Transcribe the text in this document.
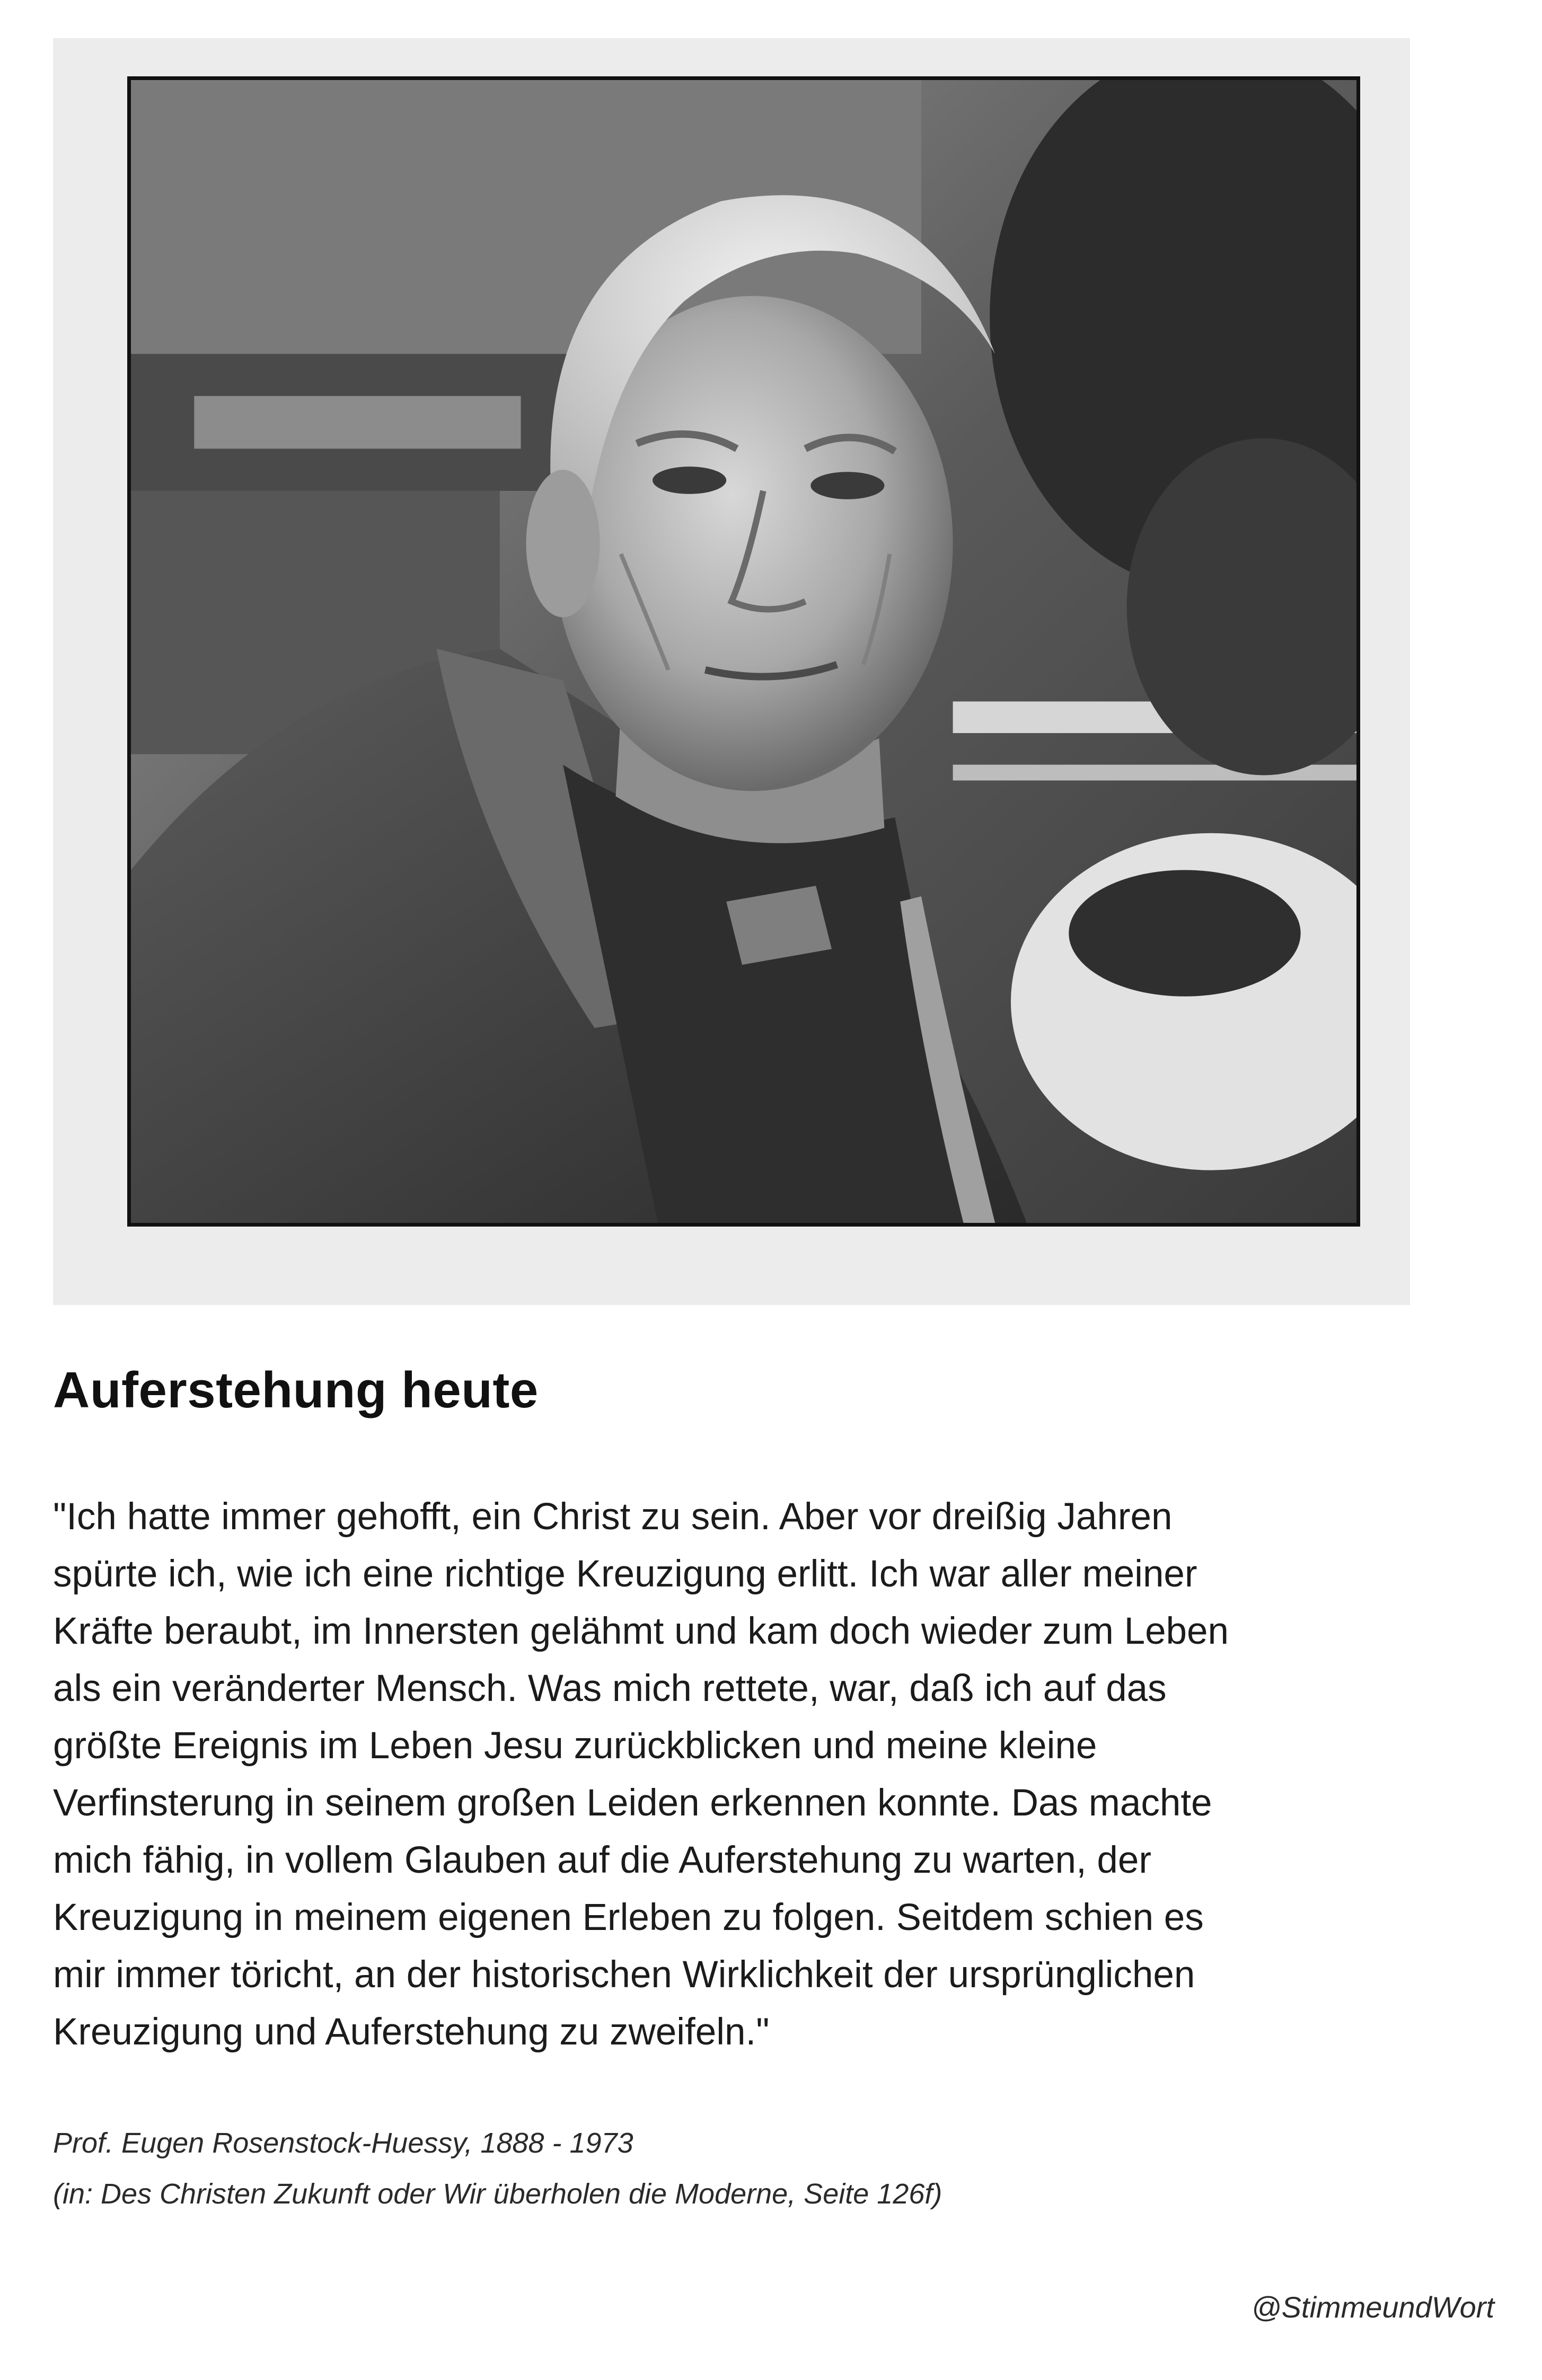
Auferstehung heute

"Ich hatte immer gehofft, ein Christ zu sein. Aber vor dreißig Jahren
spürte ich, wie ich eine richtige Kreuzigung erlitt. Ich war aller meiner
Kräfte beraubt, im Innersten gelähmt und kam doch wieder zum Leben
als ein veränderter Mensch. Was mich rettete, war, daß ich auf das
größte Ereignis im Leben Jesu zurückblicken und meine kleine
Verfinsterung in seinem großen Leiden erkennen konnte. Das machte
mich fähig, in vollem Glauben auf die Auferstehung zu warten, der
Kreuzigung in meinem eigenen Erleben zu folgen. Seitdem schien es
mir immer töricht, an der historischen Wirklichkeit der ursprünglichen
Kreuzigung und Auferstehung zu zweifeln."

Prof. Eugen Rosenstock-Huessy, 1888 - 1973
(in: Des Christen Zukunft oder Wir überholen die Moderne, Seite 126f)

@StimmeundWort
